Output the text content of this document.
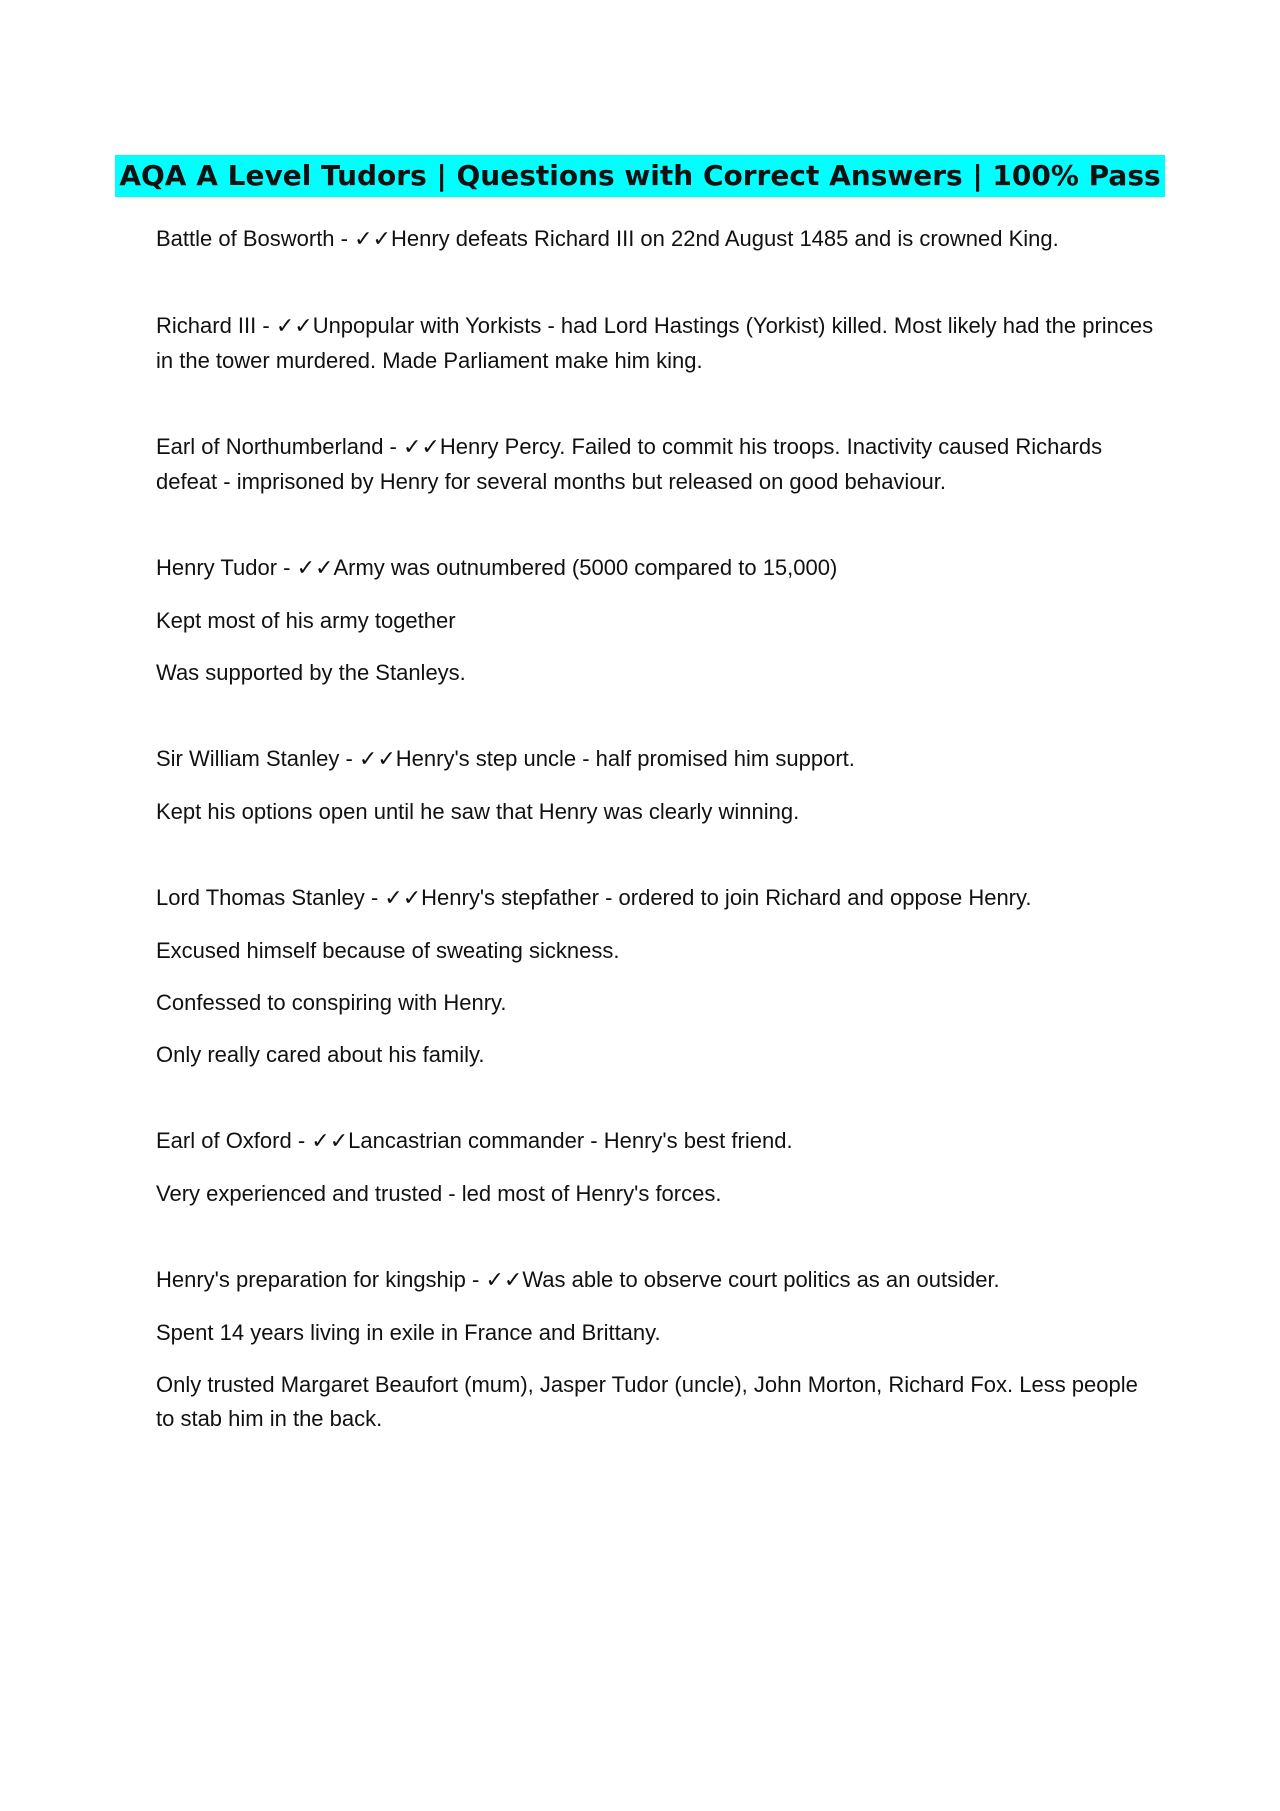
AQA A Level Tudors | Questions with Correct Answers | 100% Pass
Battle of Bosworth - ✓✓Henry defeats Richard III on 22nd August 1485 and is crowned King.
Richard III - ✓✓Unpopular with Yorkists - had Lord Hastings (Yorkist) killed. Most likely had the princes in the tower murdered. Made Parliament make him king.
Earl of Northumberland - ✓✓Henry Percy. Failed to commit his troops. Inactivity caused Richards defeat - imprisoned by Henry for several months but released on good behaviour.
Henry Tudor - ✓✓Army was outnumbered (5000 compared to 15,000)
Kept most of his army together
Was supported by the Stanleys.
Sir William Stanley - ✓✓Henry's step uncle - half promised him support.
Kept his options open until he saw that Henry was clearly winning.
Lord Thomas Stanley - ✓✓Henry's stepfather - ordered to join Richard and oppose Henry.
Excused himself because of sweating sickness.
Confessed to conspiring with Henry.
Only really cared about his family.
Earl of Oxford - ✓✓Lancastrian commander - Henry's best friend.
Very experienced and trusted - led most of Henry's forces.
Henry's preparation for kingship - ✓✓Was able to observe court politics as an outsider.
Spent 14 years living in exile in France and Brittany.
Only trusted Margaret Beaufort (mum), Jasper Tudor (uncle), John Morton, Richard Fox. Less people to stab him in the back.
